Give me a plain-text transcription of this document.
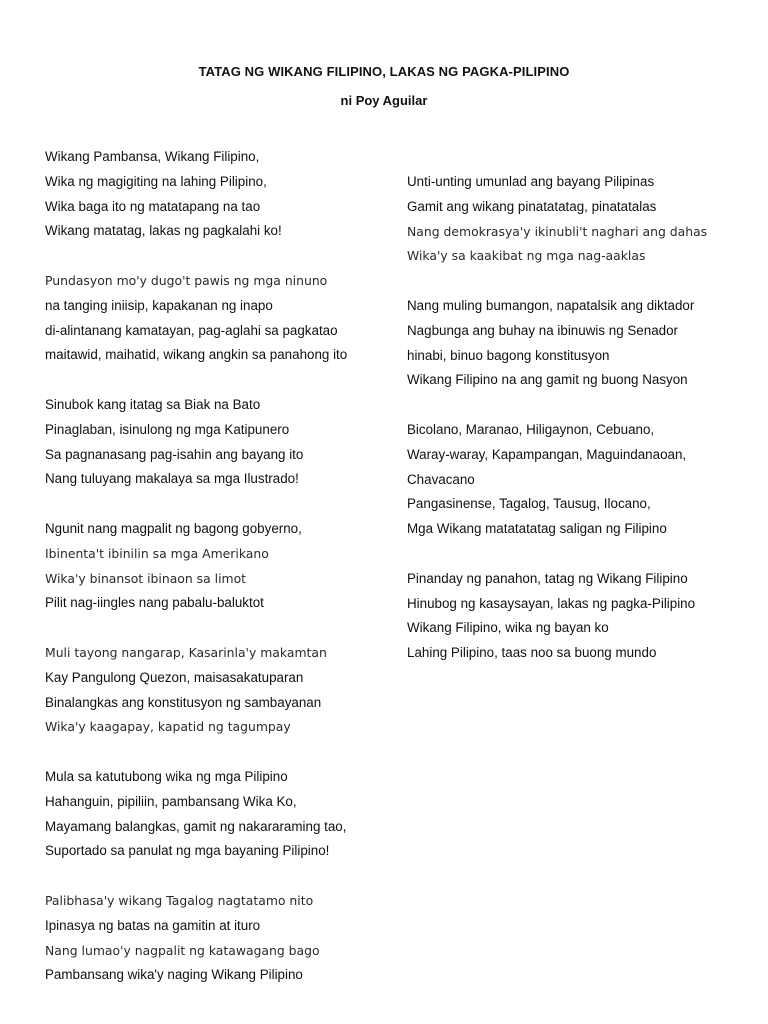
TATAG NG WIKANG FILIPINO, LAKAS NG PAGKA-PILIPINO
ni Poy Aguilar
Wikang Pambansa, Wikang Filipino,
Wika ng magigiting na lahing Pilipino,
Wika baga ito ng matatapang na tao
Wikang matatag, lakas ng pagkalahi ko!
Pundasyon mo'y dugo't pawis ng mga ninuno
na tanging iniisip, kapakanan ng inapo
di-alintanang kamatayan, pag-aglahi sa pagkatao
maitawid, maihatid, wikang angkin sa panahong ito
Sinubok kang itatag sa Biak na Bato
Pinaglaban, isinulong ng mga Katipunero
Sa pagnanasang pag-isahin ang bayang ito
Nang tuluyang makalaya sa mga Ilustrado!
Ngunit nang magpalit ng bagong gobyerno,
Ibinenta't ibinilin sa mga Amerikano
Wika'y binansot ibinaon sa limot
Pilit nag-iingles nang pabalu-baluktot
Muli tayong nangarap, Kasarinla'y makamtan
Kay Pangulong Quezon, maisasakatuparan
Binalangkas ang konstitusyon ng sambayanan
Wika'y kaagapay, kapatid ng tagumpay
Mula sa katutubong wika ng mga Pilipino
Hahanguin, pipiliin, pambansang Wika Ko,
Mayamang balangkas, gamit ng nakararaming tao,
Suportado sa panulat ng mga bayaning Pilipino!
Palibhasa'y wikang Tagalog nagtatamo nito
Ipinasya ng batas na gamitin at ituro
Nang lumao'y nagpalit ng katawagang bago
Pambansang wika'y naging Wikang Pilipino
Unti-unting umunlad ang bayang Pilipinas
Gamit ang wikang pinatatatag, pinatatalas
Nang demokrasya'y ikinubli't naghari ang dahas
Wika'y sa kaakibat ng mga nag-aaklas
Nang muling bumangon, napatalsik ang diktador
Nagbunga ang buhay na ibinuwis ng Senador
hinabi, binuo bagong konstitusyon
Wikang Filipino na ang gamit ng buong Nasyon
Bicolano, Maranao, Hiligaynon, Cebuano,
Waray-waray, Kapampangan, Maguindanaoan,
Chavacano
Pangasinense, Tagalog, Tausug, Ilocano,
Mga Wikang matatatatag saligan ng Filipino
Pinanday ng panahon, tatag ng Wikang Filipino
Hinubog ng kasaysayan, lakas ng pagka-Pilipino
Wikang Filipino, wika ng bayan ko
Lahing Pilipino, taas noo sa buong mundo
